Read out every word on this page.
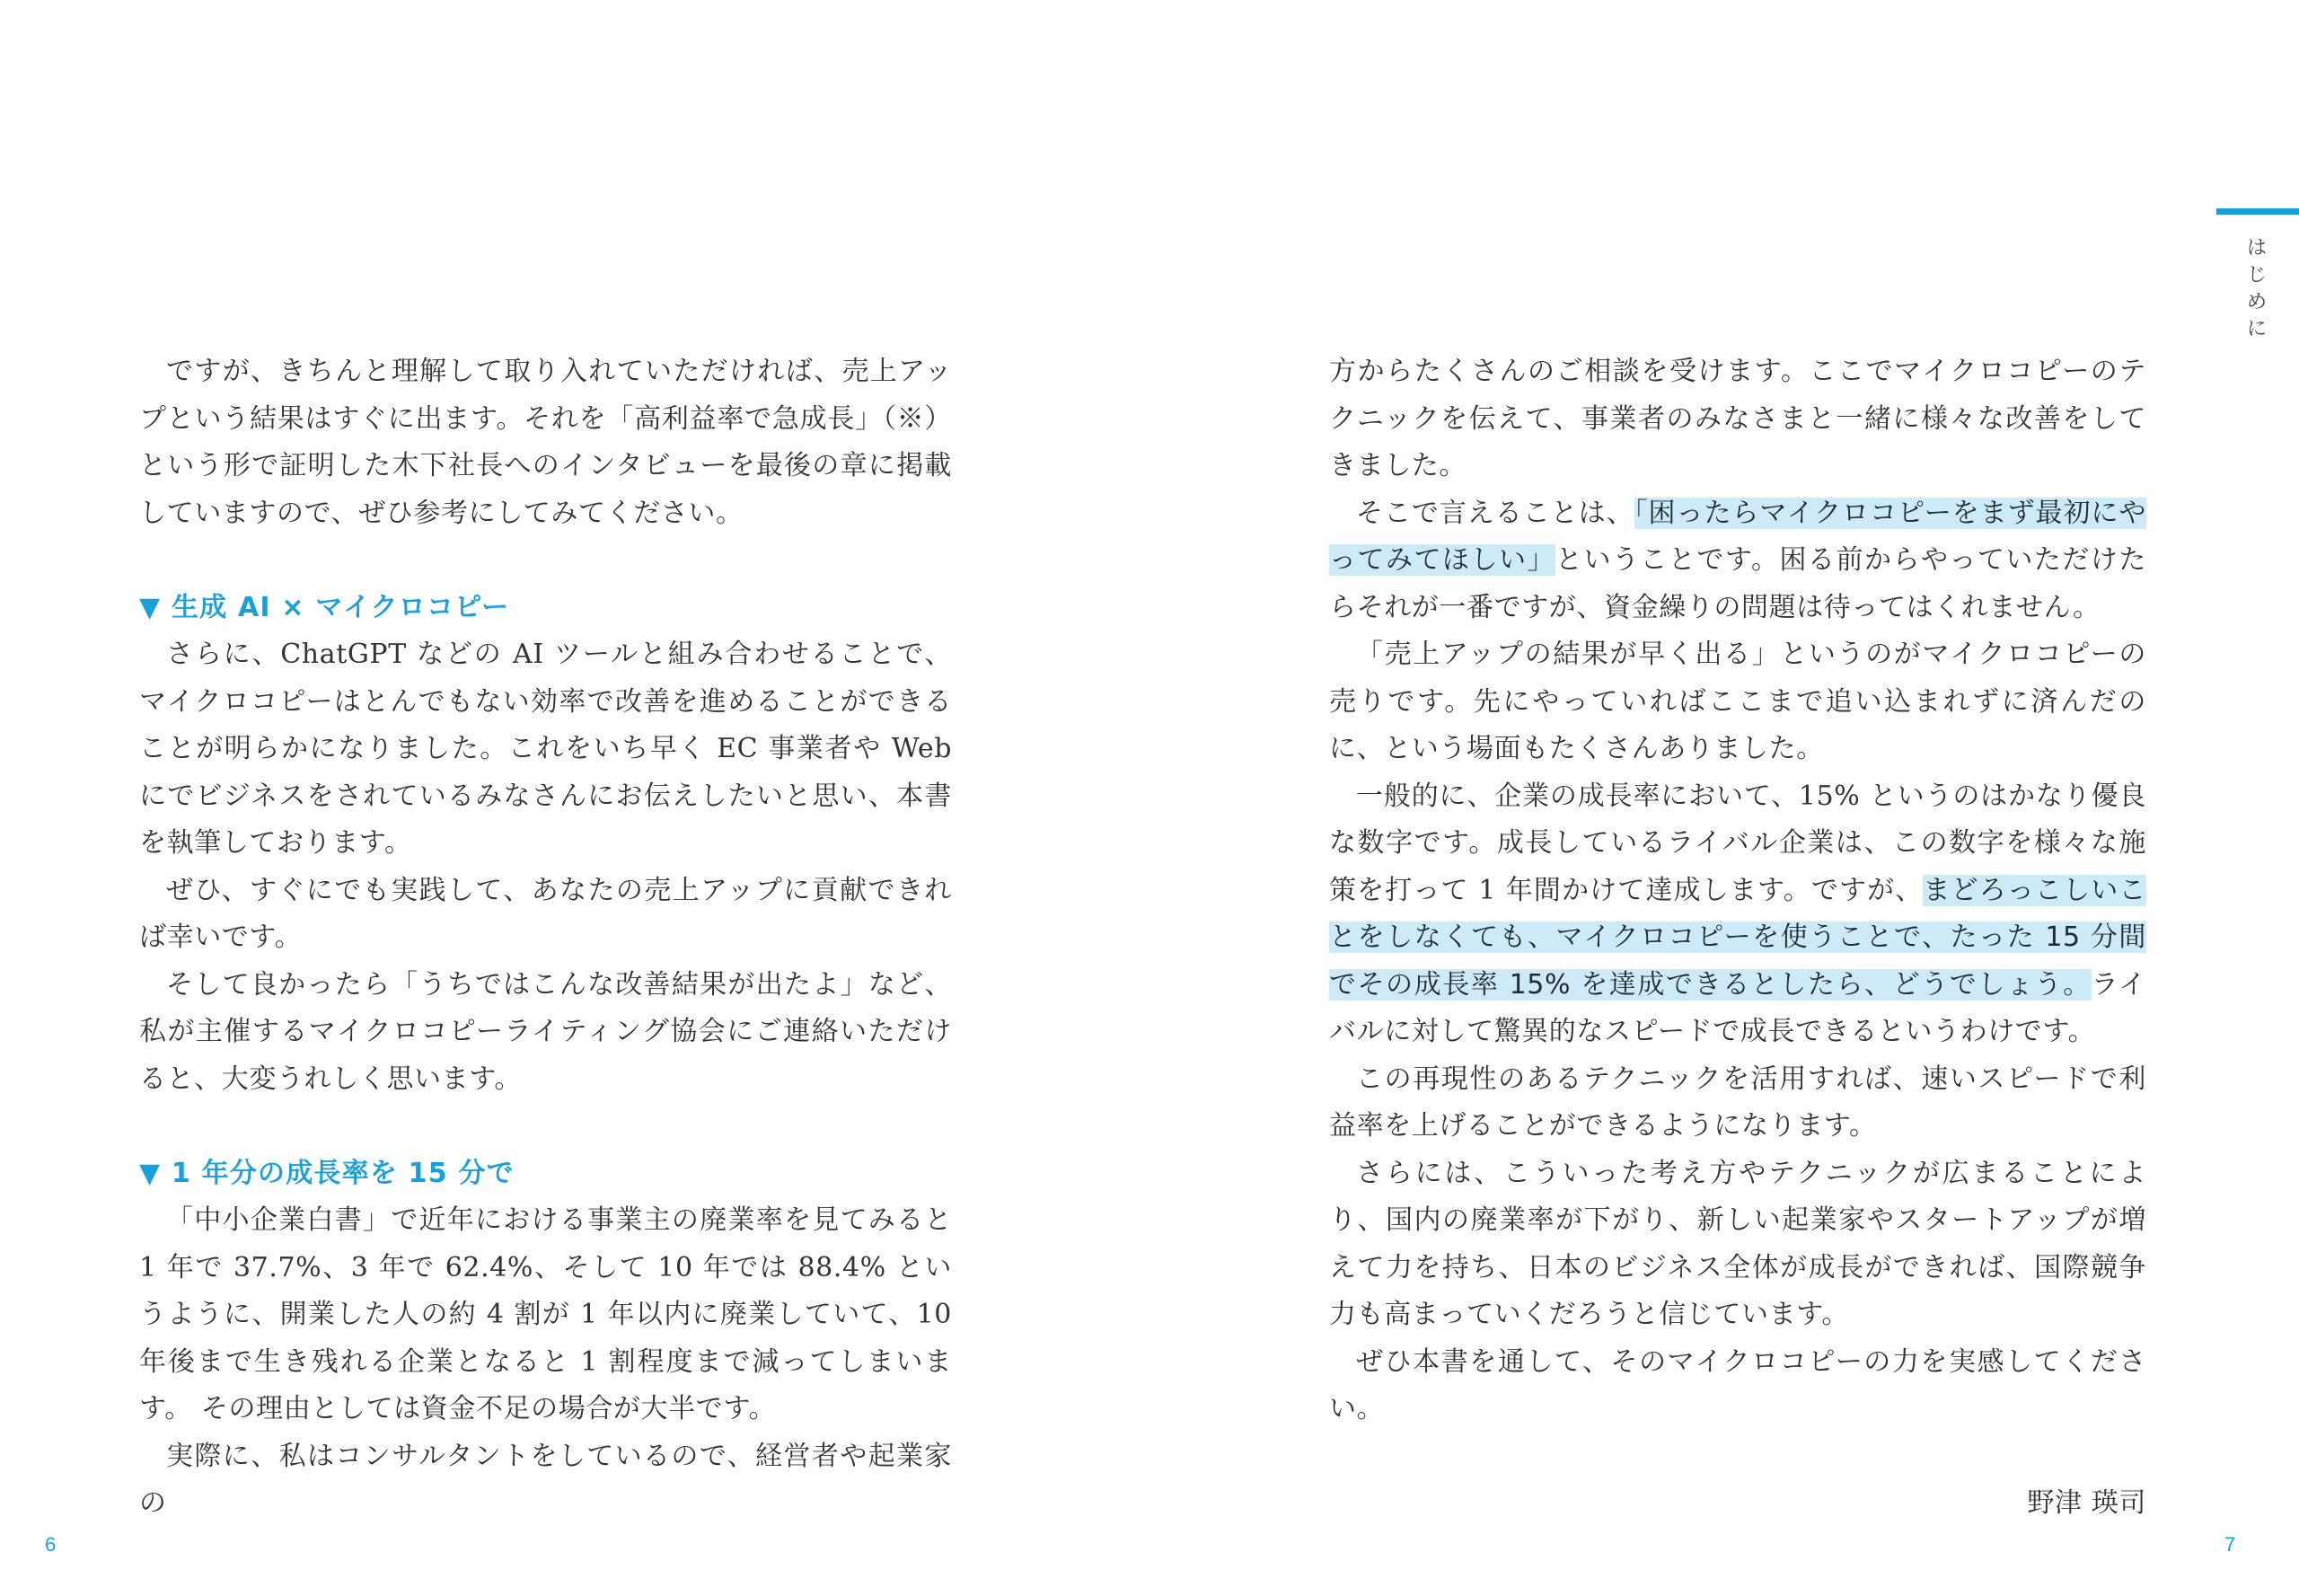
ですが、きちんと理解して取り入れていただければ、売上アップという結果はすぐに出ます。それを「高利益率で急成長」（※）という形で証明した木下社長へのインタビューを最後の章に掲載していますので、ぜひ参考にしてみてください。

▼ 生成 AI × マイクロコピー

さらに、ChatGPT などの AI ツールと組み合わせることで、マイクロコピーはとんでもない効率で改善を進めることができることが明らかになりました。これをいち早く EC 事業者や Web にでビジネスをされているみなさんにお伝えしたいと思い、本書を執筆しております。

ぜひ、すぐにでも実践して、あなたの売上アップに貢献できれば幸いです。

そして良かったら「うちではこんな改善結果が出たよ」など、私が主催するマイクロコピーライティング協会にご連絡いただけると、大変うれしく思います。

▼ 1 年分の成長率を 15 分で

「中小企業白書」で近年における事業主の廃業率を見てみると 1 年で 37.7%、3 年で 62.4%、そして 10 年では 88.4% というように、開業した人の約 4 割が 1 年以内に廃業していて、10 年後まで生き残れる企業となると 1 割程度まで減ってしまいます。 その理由としては資金不足の場合が大半です。

実際に、私はコンサルタントをしているので、経営者や起業家の

6

方からたくさんのご相談を受けます。ここでマイクロコピーのテクニックを伝えて、事業者のみなさまと一緒に様々な改善をしてきました。

そこで言えることは、「困ったらマイクロコピーをまず最初にやってみてほしい」ということです。困る前からやっていただけたらそれが一番ですが、資金繰りの問題は待ってはくれません。

「売上アップの結果が早く出る」というのがマイクロコピーの売りです。先にやっていればここまで追い込まれずに済んだのに、という場面もたくさんありました。

一般的に、企業の成長率において、15% というのはかなり優良な数字です。成長しているライバル企業は、この数字を様々な施策を打って 1 年間かけて達成します。ですが、まどろっこしいことをしなくても、マイクロコピーを使うことで、たった 15 分間でその成長率 15% を達成できるとしたら、どうでしょう。ライバルに対して驚異的なスピードで成長できるというわけです。

この再現性のあるテクニックを活用すれば、速いスピードで利益率を上げることができるようになります。

さらには、こういった考え方やテクニックが広まることにより、国内の廃業率が下がり、新しい起業家やスタートアップが増えて力を持ち、日本のビジネス全体が成長ができれば、国際競争力も高まっていくだろうと信じています。

ぜひ本書を通して、そのマイクロコピーの力を実感してください。

野津 瑛司
はじめに
7
